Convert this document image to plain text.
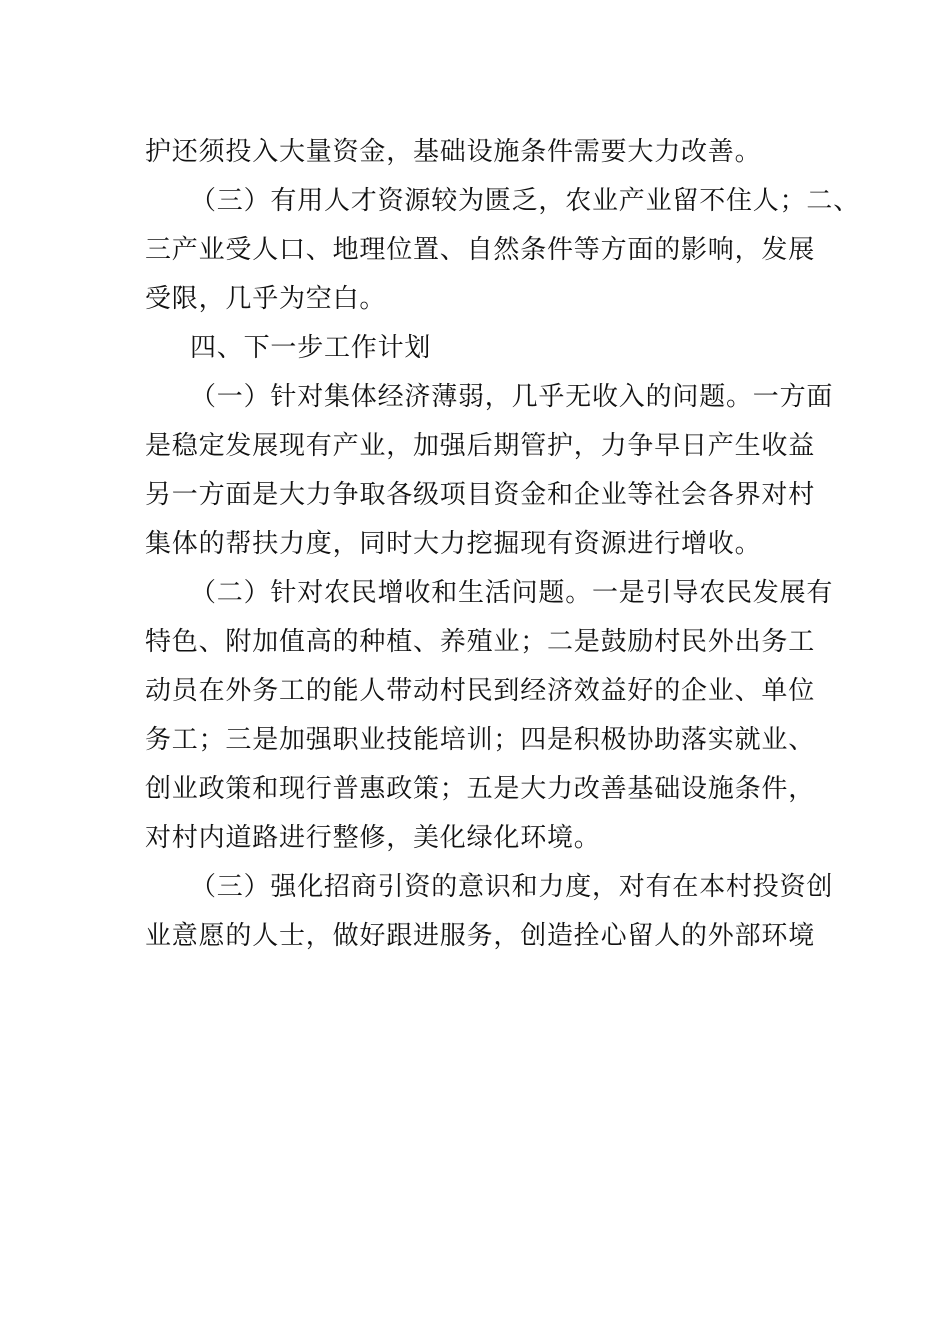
护还须投入大量资金，基础设施条件需要大力改善。
（三）有用人才资源较为匮乏，农业产业留不住人；二、
三产业受人口、地理位置、自然条件等方面的影响，发展
受限，几乎为空白。
四、下一步工作计划
（一）针对集体经济薄弱，几乎无收入的问题。一方面
是稳定发展现有产业，加强后期管护，力争早日产生收益
另一方面是大力争取各级项目资金和企业等社会各界对村
集体的帮扶力度，同时大力挖掘现有资源进行增收。
（二）针对农民增收和生活问题。一是引导农民发展有
特色、附加值高的种植、养殖业；二是鼓励村民外出务工
动员在外务工的能人带动村民到经济效益好的企业、单位
务工；三是加强职业技能培训；四是积极协助落实就业、
创业政策和现行普惠政策；五是大力改善基础设施条件，
对村内道路进行整修，美化绿化环境。
（三）强化招商引资的意识和力度，对有在本村投资创
业意愿的人士，做好跟进服务，创造拴心留人的外部环境
